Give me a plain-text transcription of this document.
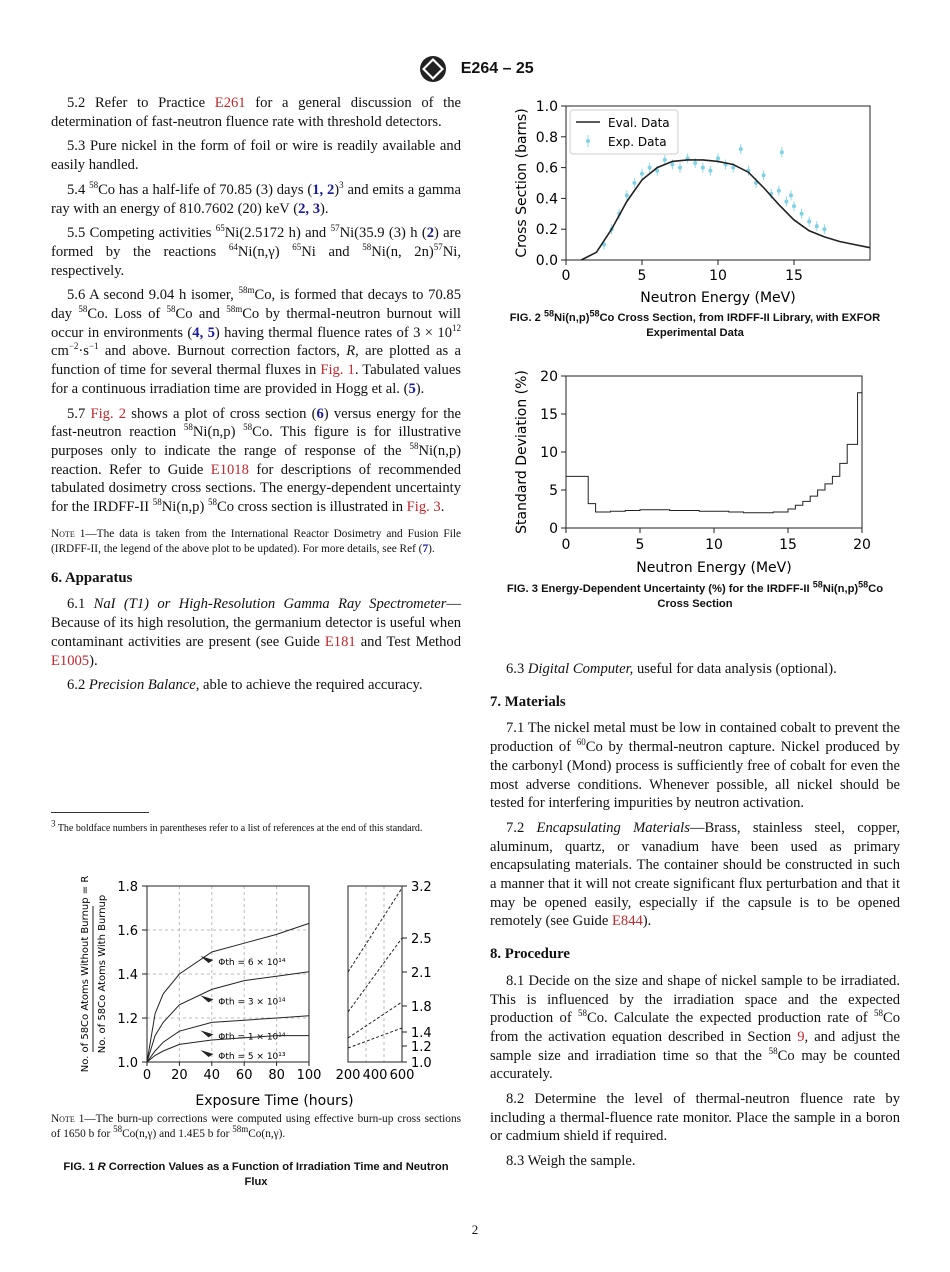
E264 – 25

5.2 Refer to Practice E261 for a general discussion of the determination of fast-neutron fluence rate with threshold detectors.

5.3 Pure nickel in the form of foil or wire is readily available and easily handled.

5.4 $^{58}$Co has a half-life of 70.85 (3) days (1, 2)$^3$ and emits a gamma ray with an energy of 810.7602 (20) keV (2, 3).

5.5 Competing activities $^{65}$Ni(2.5172 h) and $^{57}$Ni(35.9 (3) h (2) are formed by the reactions $^{64}$Ni(n,γ) $^{65}$Ni and $^{58}$Ni(n, 2n)$^{57}$Ni, respectively.

5.6 A second 9.04 h isomer, $^{58m}$Co, is formed that decays to 70.85 day $^{58}$Co. Loss of $^{58}$Co and $^{58m}$Co by thermal-neutron burnout will occur in environments (4, 5) having thermal fluence rates of $3 \times 10^{12}$ $cm^{-2}\cdot s^{-1}$ and above. Burnout correction factors, R, are plotted as a function of time for several thermal fluxes in Fig. 1. Tabulated values for a continuous irradiation time are provided in Hogg et al. (5).

5.7 Fig. 2 shows a plot of cross section (6) versus energy for the fast-neutron reaction $^{58}$Ni(n,p) $^{58}$Co. This figure is for illustrative purposes only to indicate the range of response of the $^{58}$Ni(n,p) reaction. Refer to Guide E1018 for descriptions of recommended tabulated dosimetry cross sections. The energy-dependent uncertainty for the IRDFF-II $^{58}$Ni(n,p) $^{58}$Co cross section is illustrated in Fig. 3.

Note 1—The data is taken from the International Reactor Dosimetry and Fusion File (IRDFF-II, the legend of the above plot to be updated). For more details, see Ref (7).
6. Apparatus

6.1 NaI (T1) or High-Resolution Gamma Ray Spectrometer—Because of its high resolution, the germanium detector is useful when contaminant activities are present (see Guide E181 and Test Method E1005).

6.2 Precision Balance, able to achieve the required accuracy.

$^3$ The boldface numbers in parentheses refer to a list of references at the end of this standard.
0 20 40 60 80 100
1.0
1.2
1.4
1.6
1.8
Φth = 6 × 10¹⁴
Φth = 3 × 10¹⁴
Φth = 1 × 10¹⁴
Φth = 5 × 10¹³
200 400 600
1.0
1.2
1.4
1.8
2.1
2.5
3.2
Exposure Time (hours)
No. of 58Co Atoms Without Burnup = R No. of 58Co Atoms With Burnup
Note 1—The burn-up corrections were computed using effective burn-up cross sections of 1650 b for $^{58}$Co(n,γ) and 1.4E5 b for $^{58m}$Co(n,γ).
FIG. 1 R Correction Values as a Function of Irradiation Time and Neutron Flux
0	5	10	15
0.0
0.2
0.4
0.6
0.8
1.0
Eval. Data
Exp. Data
Neutron Energy (MeV)
Cross Section (barns)
FIG. 2 $^{58}Ni(n,p)^{58}Co$ Cross Section, from IRDFF-II Library, with EXFOR Experimental Data
0	5	10	15	20
0
5
10
15
20
Neutron Energy (MeV)
Standard Deviation (%)
FIG. 3 Energy-Dependent Uncertainty (%) for the IRDFF-II $^{58}Ni(n,p)^{58}Co$ Cross Section

6.3 Digital Computer, useful for data analysis (optional).

7. Materials

7.1 The nickel metal must be low in contained cobalt to prevent the production of $^{60}$Co by thermal-neutron capture. Nickel produced by the carbonyl (Mond) process is sufficiently free of cobalt for even the most adverse conditions. Whenever possible, all nickel should be tested for interfering impurities by neutron activation.

7.2 Encapsulating Materials—Brass, stainless steel, copper, aluminum, quartz, or vanadium have been used as primary encapsulating materials. The container should be constructed in such a manner that it will not create significant flux perturbation and that it may be opened easily, especially if the capsule is to be opened remotely (see Guide E844).

8. Procedure

8.1 Decide on the size and shape of nickel sample to be irradiated. This is influenced by the irradiation space and the expected production of $^{58}$Co. Calculate the expected production rate of $^{58}$Co from the activation equation described in Section 9, and adjust the sample size and irradiation time so that the $^{58}$Co may be counted accurately.

8.2 Determine the level of thermal-neutron fluence rate by including a thermal-fluence rate monitor. Place the sample in a boron or cadmium shield if required.

8.3 Weigh the sample.

2
